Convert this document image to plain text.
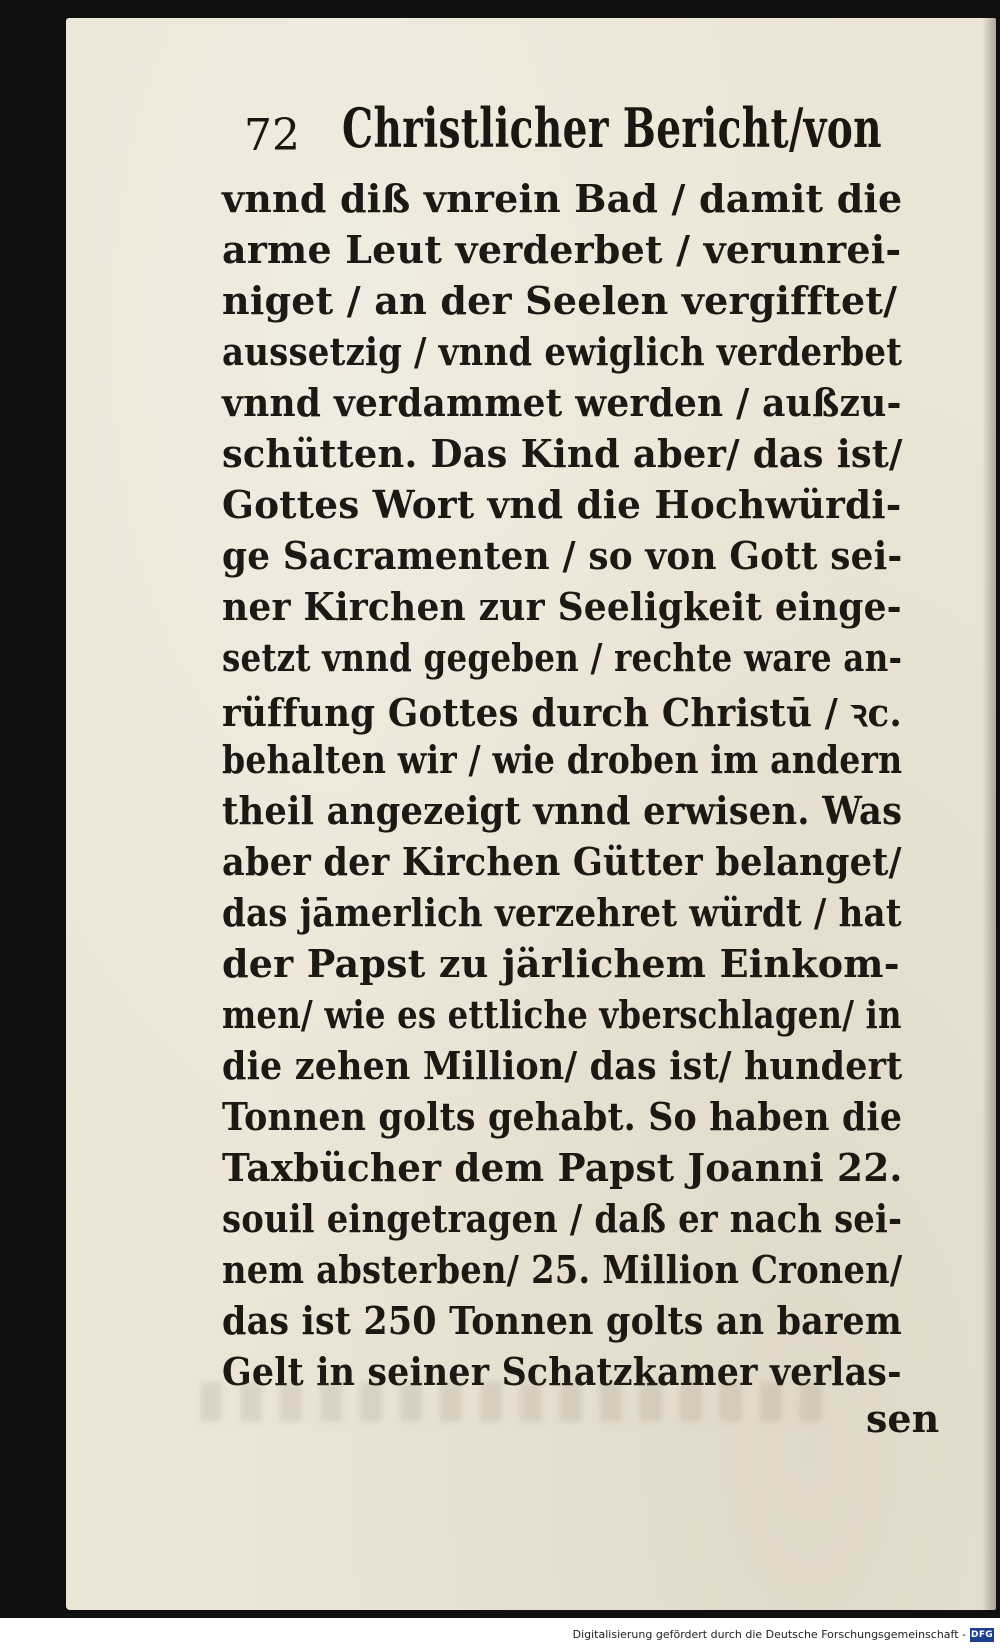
72 Christlicher Bericht/von
vnnd diß vnrein Bad / damit die
arme Leut verderbet / verunrei-
niget / an der Seelen vergifftet/
aussetzig / vnnd ewiglich verderbet
vnnd verdammet werden / außzu-
schütten. Das Kind aber/ das ist/
Gottes Wort vnd die Hochwürdi-
ge Sacramenten / so von Gott sei-
ner Kirchen zur Seeligkeit einge-
setzt vnnd gegeben / rechte ware an-
rüffung Gottes durch Christū / ꝛc.
behalten wir / wie droben im andern
theil angezeigt vnnd erwisen. Was
aber der Kirchen Gütter belanget/
das jāmerlich verzehret würdt / hat
der Papst zu järlichem Einkom-
men/ wie es ettliche vberschlagen/ in
die zehen Million/ das ist/ hundert
Tonnen golts gehabt. So haben die
Taxbücher dem Papst Joanni 22.
souil eingetragen / daß er nach sei-
nem absterben/ 25. Million Cronen/
das ist 250 Tonnen golts an barem
Gelt in seiner Schatzkamer verlas-
sen
Digitalisierung gefördert durch die Deutsche Forschungsgemeinschaft - DFG
